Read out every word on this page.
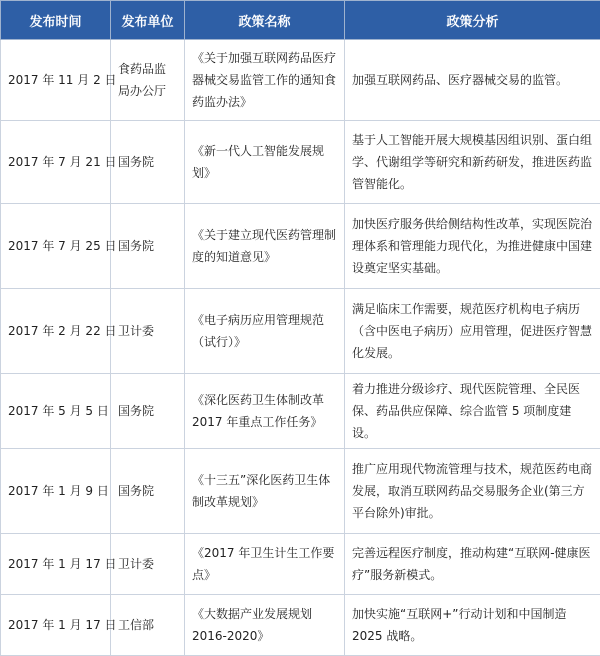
发布时间	发布单位	政策名称	政策分析
2017 年 11 月 2 日	食药品监局办公厅	《关于加强互联网药品医疗器械交易监管工作的通知食药监办法》	加强互联网药品、医疗器械交易的监管。
2017 年 7 月 21 日	国务院	《新一代人工智能发展规划》	基于人工智能开展大规模基因组识别、蛋白组学、代谢组学等研究和新药研发，推进医药监管智能化。
2017 年 7 月 25 日	国务院	《关于建立现代医药管理制度的知道意见》	加快医疗服务供给侧结构性改革，实现医院治理体系和管理能力现代化，为推进健康中国建设奠定坚实基础。
2017 年 2 月 22 日	卫计委	《电子病历应用管理规范（试行）》	满足临床工作需要，规范医疗机构电子病历（含中医电子病历）应用管理，促进医疗智慧化发展。
2017 年 5 月 5 日	国务院	《深化医药卫生体制改革 2017 年重点工作任务》	着力推进分级诊疗、现代医院管理、全民医保、药品供应保障、综合监管 5 项制度建设。
2017 年 1 月 9 日	国务院	《十三五”深化医药卫生体制改革规划》	推广应用现代物流管理与技术，规范医药电商发展，取消互联网药品交易服务企业(第三方平台除外)审批。
2017 年 1 月 17 日	卫计委	《2017 年卫生计生工作要点》	完善远程医疗制度，推动构建“互联网-健康医疗”服务新模式。
2017 年 1 月 17 日	工信部	《大数据产业发展规划 2016-2020》	加快实施“互联网+”行动计划和中国制造 2025 战略。
